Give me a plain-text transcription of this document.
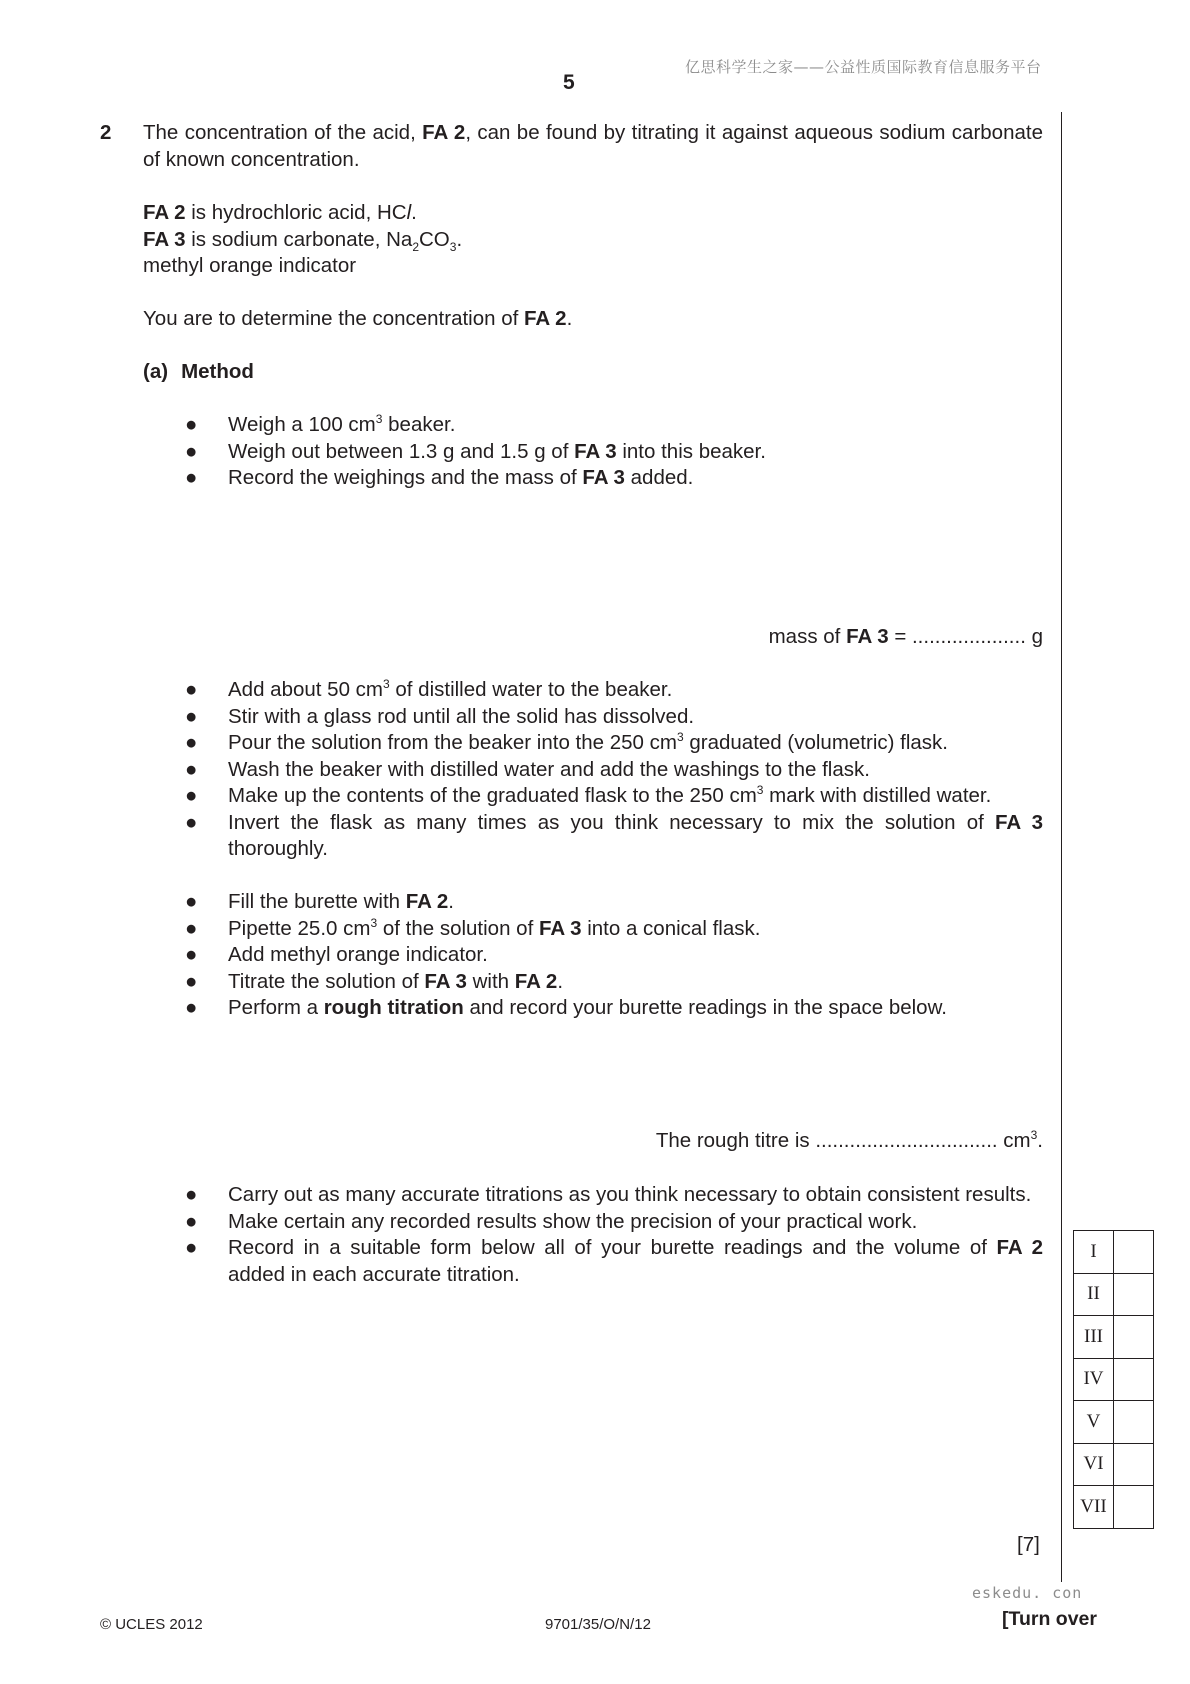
亿思科学生之家——公益性质国际教育信息服务平台
5
2 The concentration of the acid, FA 2, can be found by titrating it against aqueous sodium carbonate of known concentration.
FA 2 is hydrochloric acid, HCl.
FA 3 is sodium carbonate, $Na_2CO_3$.
methyl orange indicator
You are to determine the concentration of FA 2.
(a) Method
● Weigh a 100 $cm^3$ beaker.
● Weigh out between 1.3 g and 1.5 g of FA 3 into this beaker.
● Record the weighings and the mass of FA 3 added.
mass of FA 3 = .................... g
● Add about 50 $cm^3$ of distilled water to the beaker.
● Stir with a glass rod until all the solid has dissolved.
● Pour the solution from the beaker into the 250 $cm^3$ graduated (volumetric) flask.
● Wash the beaker with distilled water and add the washings to the flask.
● Make up the contents of the graduated flask to the 250 $cm^3$ mark with distilled water.
● Invert the flask as many times as you think necessary to mix the solution of FA 3 thoroughly.
● Fill the burette with FA 2.
● Pipette 25.0 $cm^3$ of the solution of FA 3 into a conical flask.
● Add methyl orange indicator.
● Titrate the solution of FA 3 with FA 2.
● Perform a rough titration and record your burette readings in the space below.
The rough titre is ................................ $cm^3$.
● Carry out as many accurate titrations as you think necessary to obtain consistent results.
● Make certain any recorded results show the precision of your practical work.
● Record in a suitable form below all of your burette readings and the volume of FA 2 added in each accurate titration.
I	
II	
III	
IV	
V	
VI	
VII	
[7]
eskedu. con
© UCLES 2012	9701/35/O/N/12	[Turn over
